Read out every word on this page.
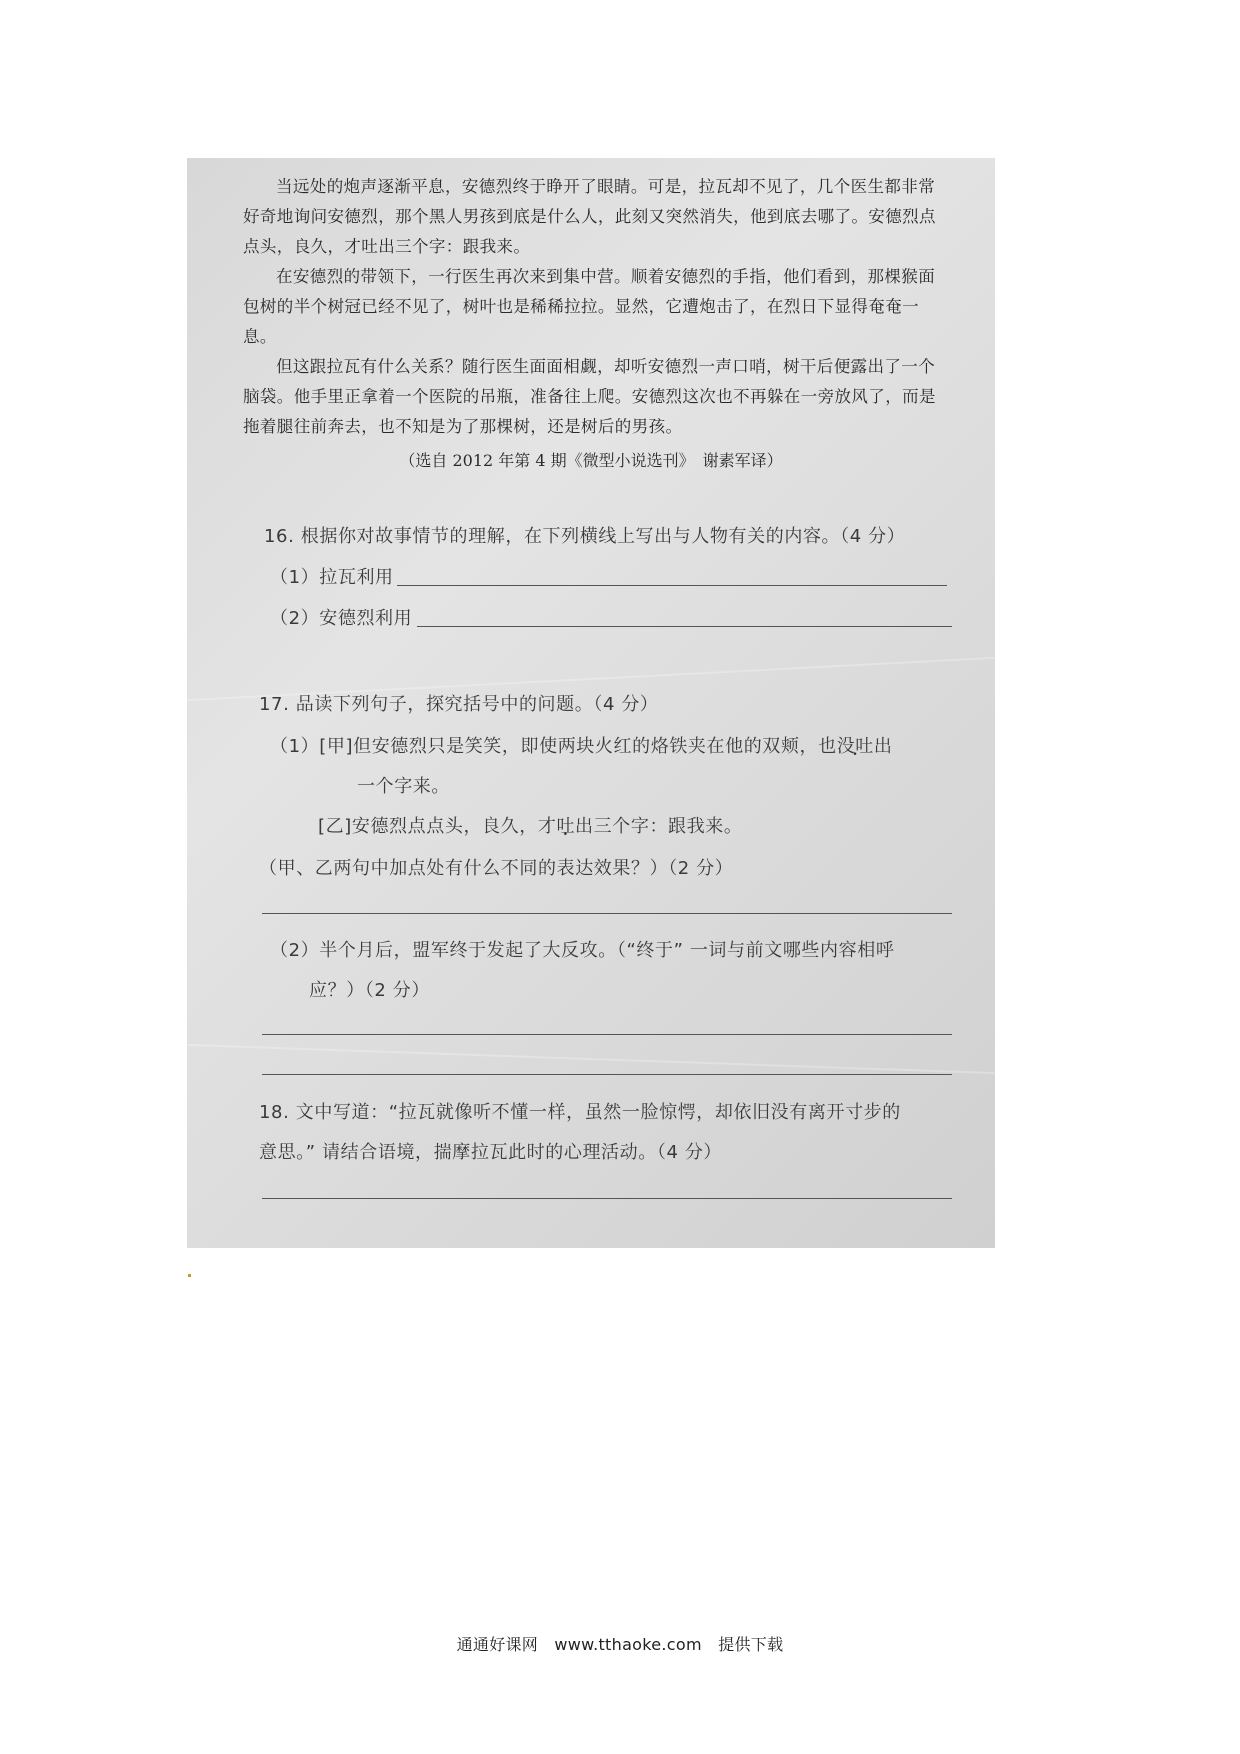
当远处的炮声逐渐平息，安德烈终于睁开了眼睛。可是，拉瓦却不见了，几个医生都非常好奇地询问安德烈，那个黑人男孩到底是什么人，此刻又突然消失，他到底去哪了。安德烈点点头，良久，才吐出三个字：跟我来。

在安德烈的带领下，一行医生再次来到集中营。顺着安德烈的手指，他们看到，那棵猴面包树的半个树冠已经不见了，树叶也是稀稀拉拉。显然，它遭炮击了，在烈日下显得奄奄一息。

但这跟拉瓦有什么关系？随行医生面面相觑，却听安德烈一声口哨，树干后便露出了一个脑袋。他手里正拿着一个医院的吊瓶，准备往上爬。安德烈这次也不再躲在一旁放风了，而是拖着腿往前奔去，也不知是为了那棵树，还是树后的男孩。

（选自 2012 年第 4 期《微型小说选刊》　谢素军译）
16. 根据你对故事情节的理解，在下列横线上写出与人物有关的内容。（4 分）
（1）拉瓦利用
（2）安德烈利用
17. 品读下列句子，探究括号中的问题。（4 分）
（1）[甲]但安德烈只是笑笑，即使两块火红的烙铁夹在他的双颊，也没吐出
一个字来。
[乙]安德烈点点头，良久，才吐出三个字：跟我来。
（甲、乙两句中加点处有什么不同的表达效果？）（2 分）
（2）半个月后，盟军终于发起了大反攻。（“终于” 一词与前文哪些内容相呼
应？）（2 分）
18. 文中写道：“拉瓦就像听不懂一样，虽然一脸惊愕，却依旧没有离开寸步的
意思。” 请结合语境，揣摩拉瓦此时的心理活动。（4 分）
通通好课网　www.tthaoke.com　提供下载
